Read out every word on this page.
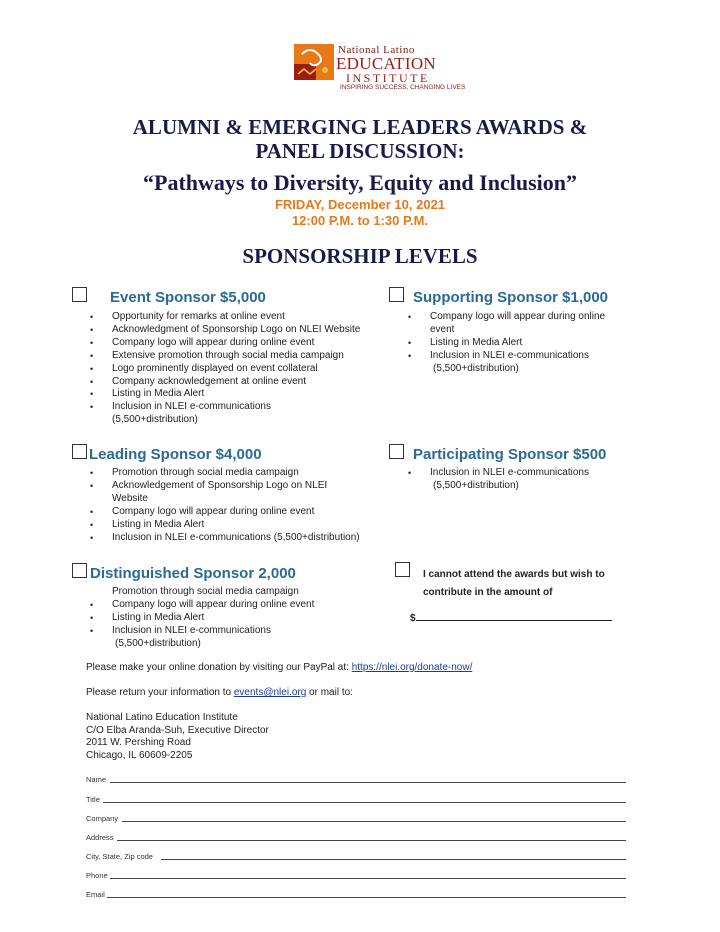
National Latino
EDUCATION
INSTITUTE
INSPIRING SUCCESS, CHANGING LIVES
ALUMNI & EMERGING LEADERS AWARDS &
PANEL DISCUSSION:
“Pathways to Diversity, Equity and Inclusion”
FRIDAY, December 10, 2021
12:00 P.M. to 1:30 P.M.
SPONSORSHIP LEVELS
Event Sponsor $5,000
• Opportunity for remarks at online event
• Acknowledgment of Sponsorship Logo on NLEI Website
• Company logo will appear during online event
• Extensive promotion through social media campaign
• Logo prominently displayed on event collateral
• Company acknowledgement at online event
• Listing in Media Alert
• Inclusion in NLEI e-communications
(5,500+distribution)
Supporting Sponsor $1,000
• Company logo will appear during online
event
• Listing in Media Alert
• Inclusion in NLEI e-communications
(5,500+distribution)
Leading Sponsor $4,000
• Promotion through social media campaign
• Acknowledgement of Sponsorship Logo on NLEI
Website
• Company logo will appear during online event
• Listing in Media Alert
• Inclusion in NLEI e-communications (5,500+distribution)
Participating Sponsor $500
• Inclusion in NLEI e-communications
(5,500+distribution)
Distinguished Sponsor 2,000
Promotion through social media campaign
• Company logo will appear during online event
• Listing in Media Alert
• Inclusion in NLEI e-communications
(5,500+distribution)
I cannot attend the awards but wish to
contribute in the amount of
$
Please make your online donation by visiting our PayPal at: https://nlei.org/donate-now/
Please return your information to events@nlei.org or mail to:
National Latino Education Institute
C/O Elba Aranda-Suh, Executive Director
2011 W. Pershing Road
Chicago, IL 60609-2205
Name
Title
Company
Address
City, State, Zip code
Phone
Email
